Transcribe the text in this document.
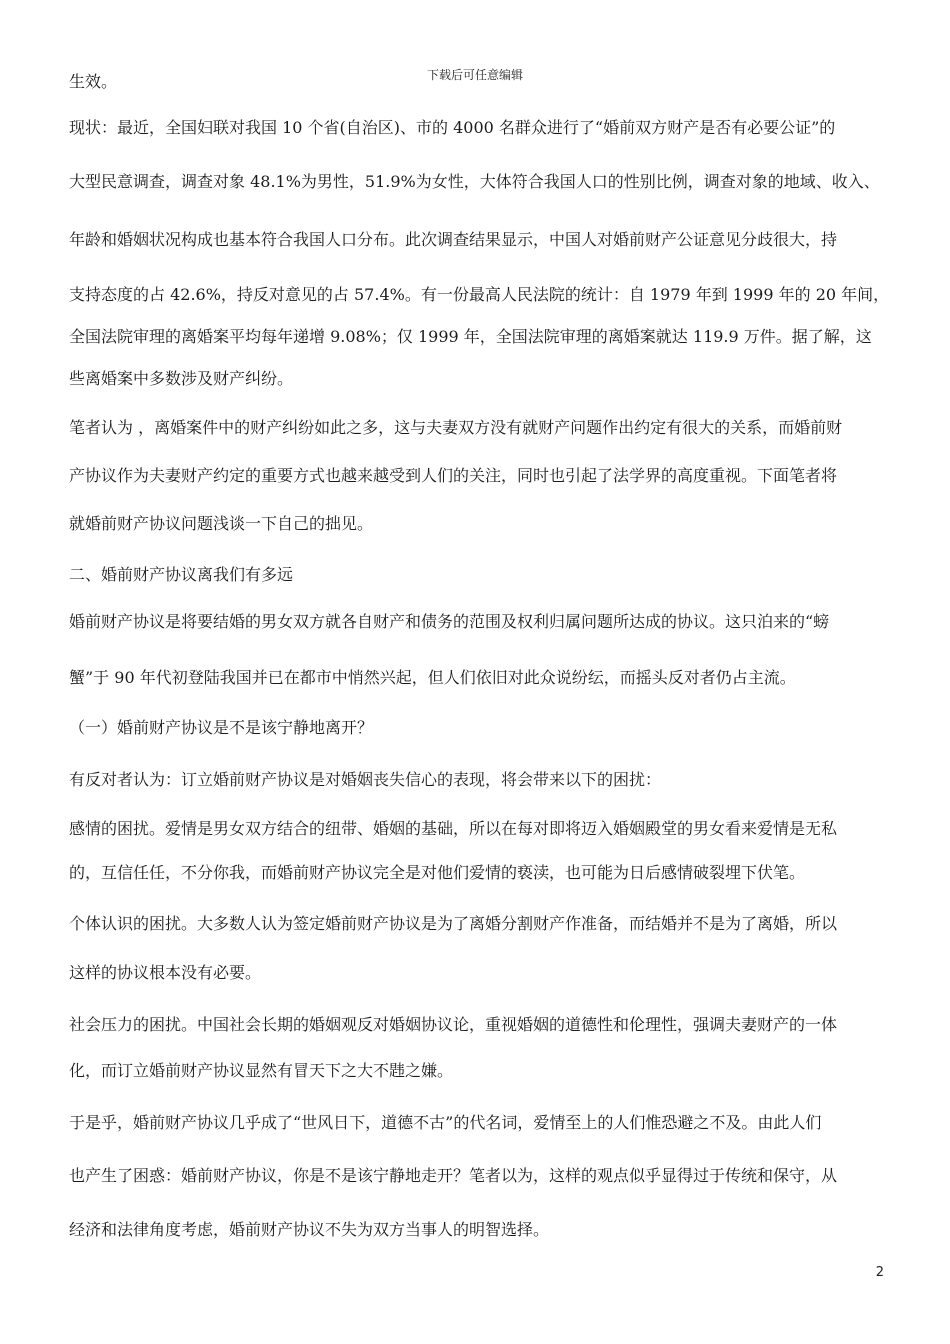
下载后可任意编辑
生效。
现状：最近，全国妇联对我国 10 个省(自治区)、市的 4000 名群众进行了“婚前双方财产是否有必要公证”的
大型民意调查，调查对象 48.1%为男性，51.9%为女性，大体符合我国人口的性别比例，调查对象的地域、收入、
年龄和婚姻状况构成也基本符合我国人口分布。此次调查结果显示，中国人对婚前财产公证意见分歧很大，持
支持态度的占 42.6%，持反对意见的占 57.4%。有一份最高人民法院的统计：自 1979 年到 1999 年的 20 年间，
全国法院审理的离婚案平均每年递增 9.08%；仅 1999 年，全国法院审理的离婚案就达 119.9 万件。据了解，这
些离婚案中多数涉及财产纠纷。
笔者认为 ，离婚案件中的财产纠纷如此之多，这与夫妻双方没有就财产问题作出约定有很大的关系，而婚前财
产协议作为夫妻财产约定的重要方式也越来越受到人们的关注，同时也引起了法学界的高度重视。下面笔者将
就婚前财产协议问题浅谈一下自己的拙见。
二、婚前财产协议离我们有多远
婚前财产协议是将要结婚的男女双方就各自财产和债务的范围及权利归属问题所达成的协议。这只泊来的“螃
蟹”于 90 年代初登陆我国并已在都市中悄然兴起，但人们依旧对此众说纷纭，而摇头反对者仍占主流。
（一）婚前财产协议是不是该宁静地离开？
有反对者认为：订立婚前财产协议是对婚姻丧失信心的表现，将会带来以下的困扰：
感情的困扰。爱情是男女双方结合的纽带、婚姻的基础，所以在每对即将迈入婚姻殿堂的男女看来爱情是无私
的，互信任任，不分你我，而婚前财产协议完全是对他们爱情的亵渎，也可能为日后感情破裂埋下伏笔。
个体认识的困扰。大多数人认为签定婚前财产协议是为了离婚分割财产作准备，而结婚并不是为了离婚，所以
这样的协议根本没有必要。
社会压力的困扰。中国社会长期的婚姻观反对婚姻协议论，重视婚姻的道德性和伦理性，强调夫妻财产的一体
化，而订立婚前财产协议显然有冒天下之大不韪之嫌。
于是乎，婚前财产协议几乎成了“世风日下，道德不古”的代名词，爱情至上的人们惟恐避之不及。由此人们
也产生了困惑：婚前财产协议，你是不是该宁静地走开？笔者以为，这样的观点似乎显得过于传统和保守，从
经济和法律角度考虑，婚前财产协议不失为双方当事人的明智选择。
2
